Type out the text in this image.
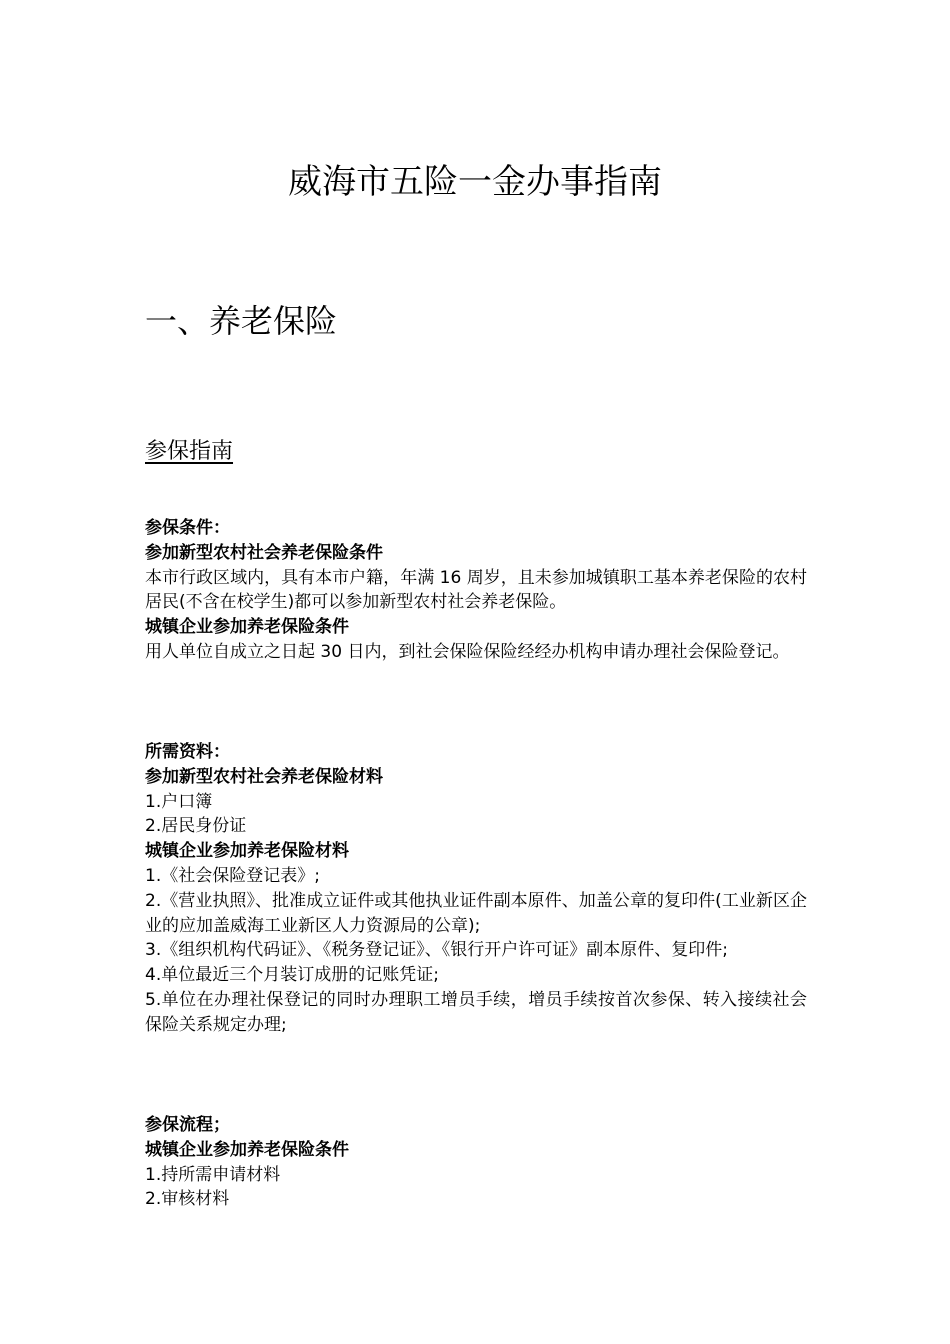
威海市五险一金办事指南
一、养老保险
参保指南

参保条件：

参加新型农村社会养老保险条件

本市行政区域内，具有本市户籍，年满 16 周岁，且未参加城镇职工基本养老保险的农村居民(不含在校学生)都可以参加新型农村社会养老保险。

城镇企业参加养老保险条件

用人单位自成立之日起 30 日内，到社会保险保险经经办机构申请办理社会保险登记。

所需资料：

参加新型农村社会养老保险材料

1.户口簿

2.居民身份证

城镇企业参加养老保险材料

1.《社会保险登记表》;

2.《营业执照》、批准成立证件或其他执业证件副本原件、加盖公章的复印件(工业新区企业的应加盖威海工业新区人力资源局的公章);

3.《组织机构代码证》、《税务登记证》、《银行开户许可证》副本原件、复印件;

4.单位最近三个月装订成册的记账凭证;

5.单位在办理社保登记的同时办理职工增员手续，增员手续按首次参保、转入接续社会保险关系规定办理;

参保流程；

城镇企业参加养老保险条件

1.持所需申请材料

2.审核材料
